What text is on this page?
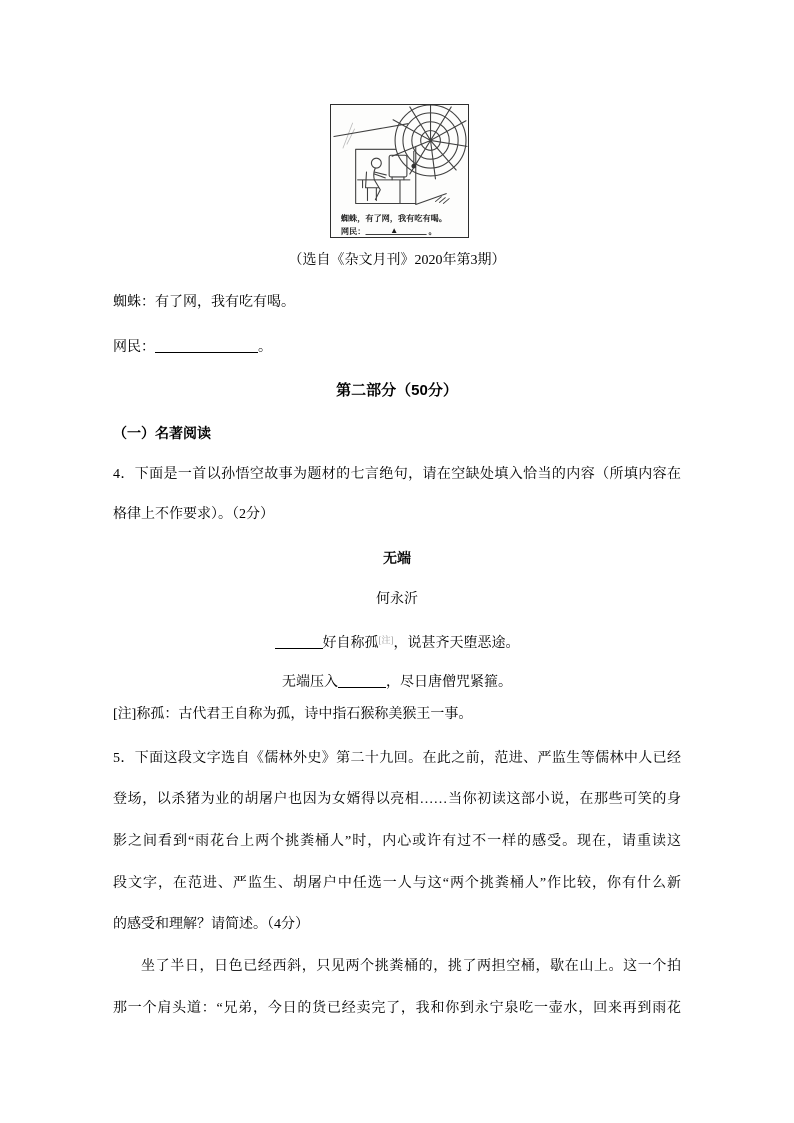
蜘蛛，有了网，我有吃有喝。
网民：	▲	。
（选自《杂文月刊》2020年第3期）
蜘蛛：有了网，我有吃有喝。
网民：	。
第二部分（50分）
（一）名著阅读
4．下面是一首以孙悟空故事为题材的七言绝句，请在空缺处填入恰当的内容（所填内容在
格律上不作要求）。（2分）
无端
何永沂
好自称孤[注]，说甚齐天堕恶途。
无端压入	，尽日唐僧咒紧箍。
[注]称孤：古代君王自称为孤，诗中指石猴称美猴王一事。
5．下面这段文字选自《儒林外史》第二十九回。在此之前，范进、严监生等儒林中人已经
登场，以杀猪为业的胡屠户也因为女婿得以亮相……当你初读这部小说，在那些可笑的身
影之间看到“雨花台上两个挑粪桶人”时，内心或许有过不一样的感受。现在，请重读这
段文字，在范进、严监生、胡屠户中任选一人与这“两个挑粪桶人”作比较，你有什么新
的感受和理解？请简述。（4分）
坐了半日，日色已经西斜，只见两个挑粪桶的，挑了两担空桶，歇在山上。这一个拍
那一个肩头道：“兄弟，今日的货已经卖完了，我和你到永宁泉吃一壶水，回来再到雨花
